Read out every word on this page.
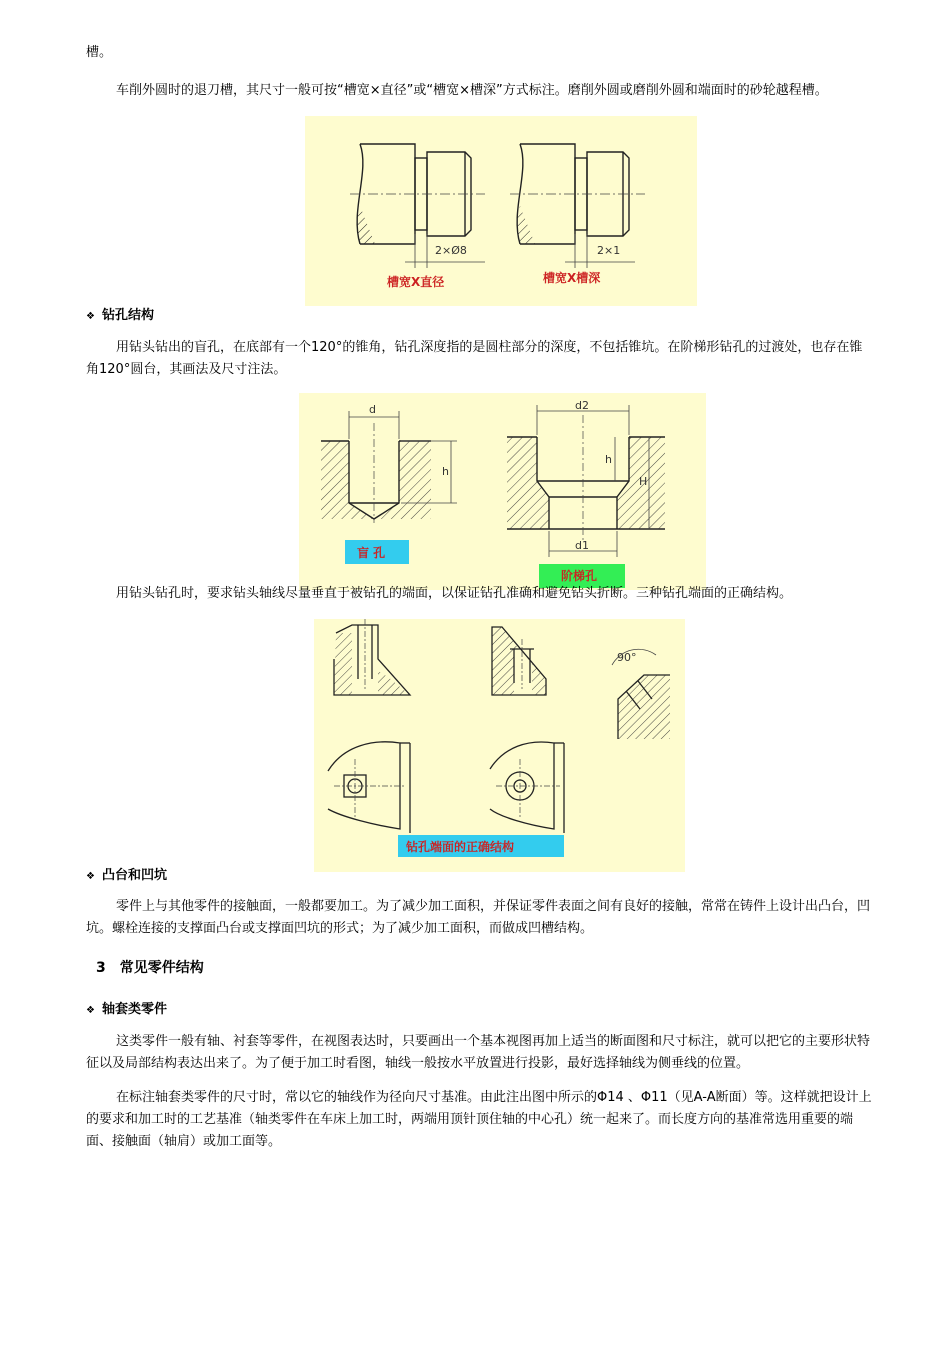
槽。
车削外圆时的退刀槽，其尺寸一般可按“槽宽×直径”或“槽宽×槽深”方式标注。磨削外圆或磨削外圆和端面时的砂轮越程槽。
2×Ø8
槽宽X直径
2×1
槽宽X槽深
❖ 钻孔结构
用钻头钻出的盲孔，在底部有一个120°的锥角，钻孔深度指的是圆柱部分的深度，不包括锥坑。在阶梯形钻孔的过渡处，也存在锥角120°圆台，其画法及尺寸注法。
d
h
盲 孔
d2
h
H
d1
阶梯孔
用钻头钻孔时，要求钻头轴线尽量垂直于被钻孔的端面，以保证钻孔准确和避免钻头折断。三种钻孔端面的正确结构。
90°
钻孔端面的正确结构
❖ 凸台和凹坑
零件上与其他零件的接触面，一般都要加工。为了减少加工面积，并保证零件表面之间有良好的接触，常常在铸件上设计出凸台，凹坑。螺栓连接的支撑面凸台或支撑面凹坑的形式；为了减少加工面积，而做成凹槽结构。
3　常见零件结构
❖ 轴套类零件
这类零件一般有轴、衬套等零件，在视图表达时，只要画出一个基本视图再加上适当的断面图和尺寸标注，就可以把它的主要形状特征以及局部结构表达出来了。为了便于加工时看图，轴线一般按水平放置进行投影，最好选择轴线为侧垂线的位置。
在标注轴套类零件的尺寸时，常以它的轴线作为径向尺寸基准。由此注出图中所示的Φ14 、Φ11（见A-A断面）等。这样就把设计上的要求和加工时的工艺基准（轴类零件在车床上加工时，两端用顶针顶住轴的中心孔）统一起来了。而长度方向的基准常选用重要的端面、接触面（轴肩）或加工面等。
